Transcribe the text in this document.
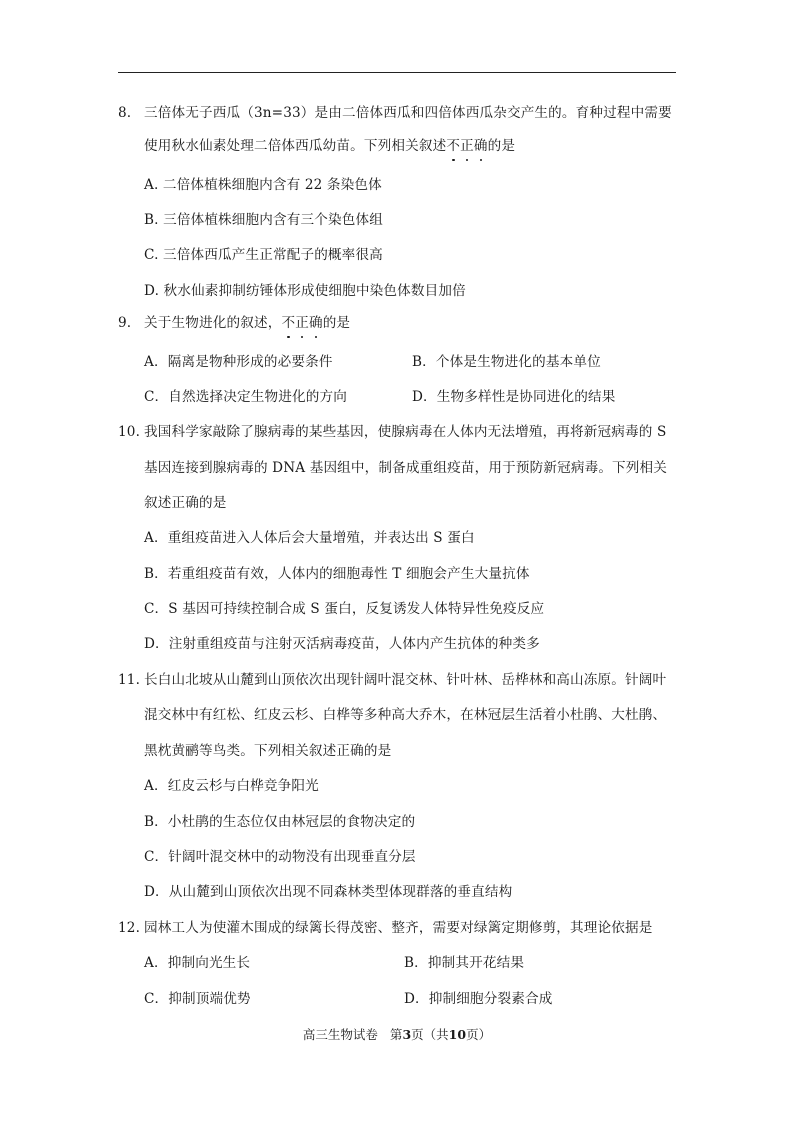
8. 三倍体无子西瓜（3n=33）是由二倍体西瓜和四倍体西瓜杂交产生的。育种过程中需要
使用秋水仙素处理二倍体西瓜幼苗。下列相关叙述不
正
确
的是
A. 二倍体植株细胞内含有 22 条染色体
B. 三倍体植株细胞内含有三个染色体组
C. 三倍体西瓜产生正常配子的概率很高
D. 秋水仙素抑制纺锤体形成使细胞中染色体数目加倍
9. 关于生物进化的叙述，不
正
确
的是
A．隔离是物种形成的必要条件	B．个体是生物进化的基本单位
C．自然选择决定生物进化的方向	D．生物多样性是协同进化的结果
10. 我国科学家敲除了腺病毒的某些基因，使腺病毒在人体内无法增殖，再将新冠病毒的 S
基因连接到腺病毒的 DNA 基因组中，制备成重组疫苗，用于预防新冠病毒。下列相关
叙述正确的是
A．重组疫苗进入人体后会大量增殖，并表达出 S 蛋白
B．若重组疫苗有效，人体内的细胞毒性 T 细胞会产生大量抗体
C．S 基因可持续控制合成 S 蛋白，反复诱发人体特异性免疫反应
D．注射重组疫苗与注射灭活病毒疫苗，人体内产生抗体的种类多
11. 长白山北坡从山麓到山顶依次出现针阔叶混交林、针叶林、岳桦林和高山冻原。针阔叶
混交林中有红松、红皮云杉、白桦等多种高大乔木，在林冠层生活着小杜鹃、大杜鹃、
黑枕黄鹂等鸟类。下列相关叙述正确的是
A．红皮云杉与白桦竞争阳光
B．小杜鹃的生态位仅由林冠层的食物决定的
C．针阔叶混交林中的动物没有出现垂直分层
D．从山麓到山顶依次出现不同森林类型体现群落的垂直结构
12. 园林工人为使灌木围成的绿篱长得茂密、整齐，需要对绿篱定期修剪，其理论依据是
A．抑制向光生长	B．抑制其开花结果
C．抑制顶端优势	D．抑制细胞分裂素合成
高三生物试卷 第3页（共10页）
